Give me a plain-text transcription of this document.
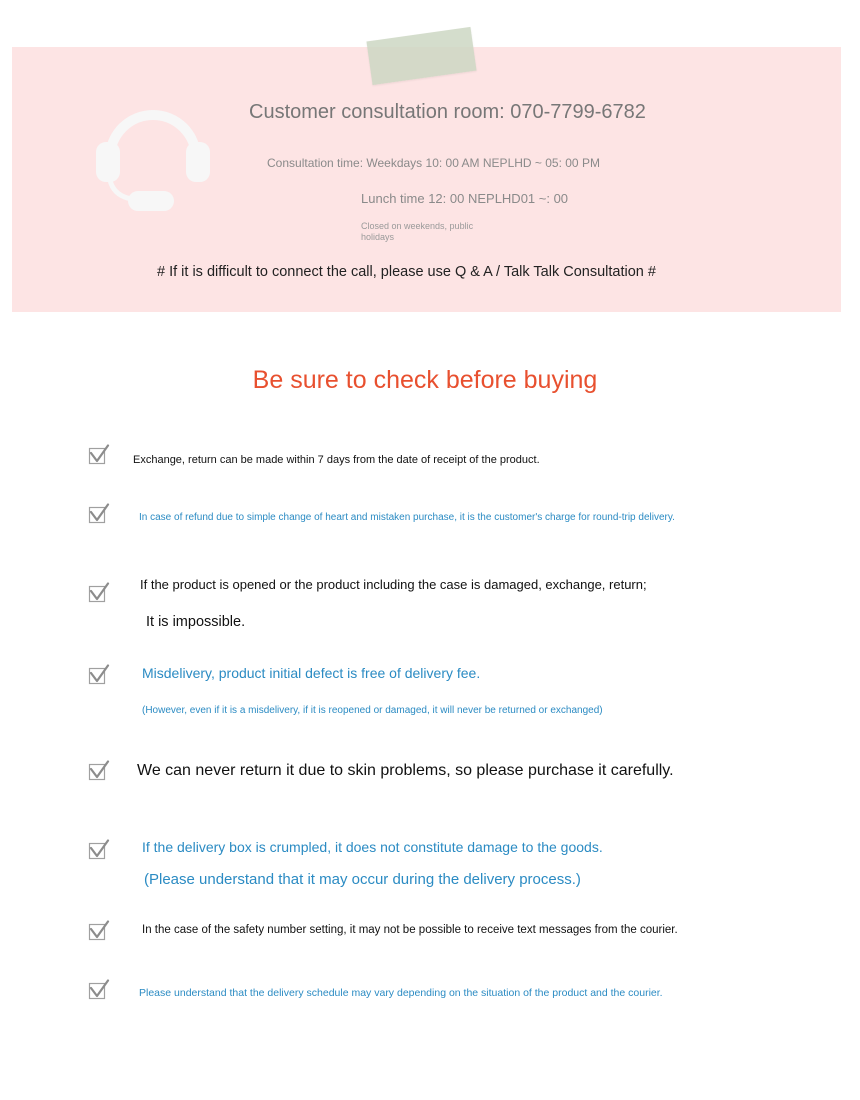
Customer consultation room: 070-7799-6782
Consultation time: Weekdays 10: 00 AM NEPLHD ~ 05: 00 PM
Lunch time 12: 00 NEPLHD01 ~: 00
Closed on weekends, public holidays
# If it is difficult to connect the call, please use Q & A / Talk Talk Consultation #
Be sure to check before buying
Exchange, return can be made within 7 days from the date of receipt of the product.
In case of refund due to simple change of heart and mistaken purchase, it is the customer's charge for round-trip delivery.
If the product is opened or the product including the case is damaged, exchange, return;
It is impossible.
Misdelivery, product initial defect is free of delivery fee.
(However, even if it is a misdelivery, if it is reopened or damaged, it will never be returned or exchanged)
We can never return it due to skin problems, so please purchase it carefully.
If the delivery box is crumpled, it does not constitute damage to the goods.
(Please understand that it may occur during the delivery process.)
In the case of the safety number setting, it may not be possible to receive text messages from the courier.
Please understand that the delivery schedule may vary depending on the situation of the product and the courier.
